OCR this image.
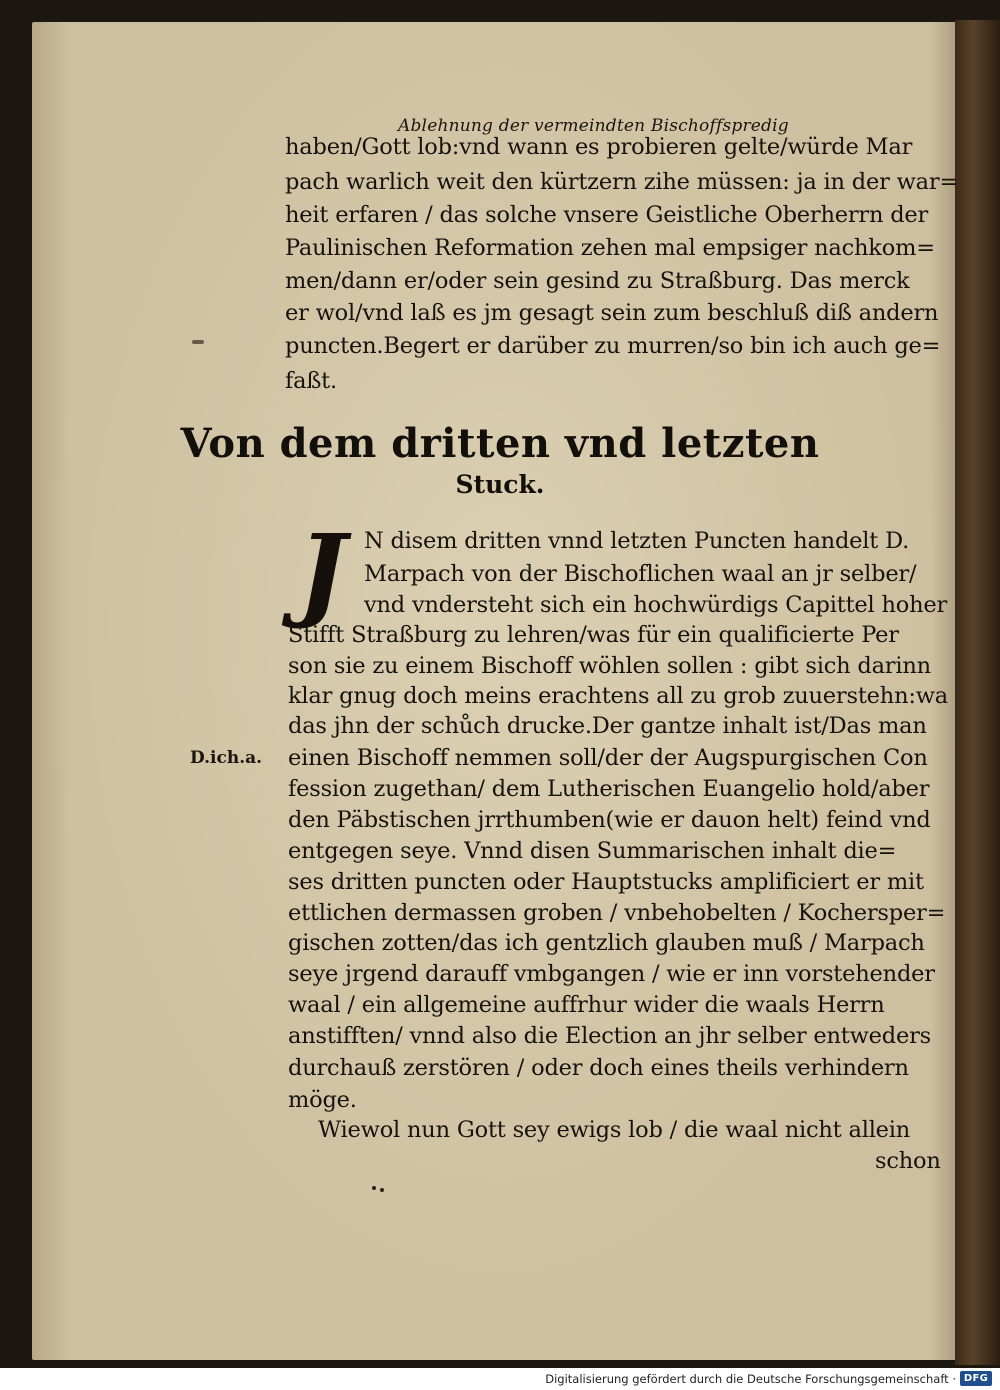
Ablehnung der vermeindten Bischoffspredig
haben/Gott lob:vnd wann es probieren gelte/würde Mar
pach warlich weit den kürtzern zihe müssen: ja in der war=
heit erfaren / das solche vnsere Geistliche Oberherrn der
Paulinischen Reformation zehen mal empsiger nachkom=
men/dann er/oder sein gesind zu Straßburg. Das merck
er wol/vnd laß es jm gesagt sein zum beschluß diß andern
puncten.Begert er darüber zu murren/so bin ich auch ge=
faßt.
Von dem dritten vnd letzten
Stuck.
J N disem dritten vnnd letzten Puncten handelt D.
Marpach von der Bischoflichen waal an jr selber/
vnd vndersteht sich ein hochwürdigs Capittel hoher
Stifft Straßburg zu lehren/was für ein qualificierte Per
son sie zu einem Bischoff wöhlen sollen : gibt sich darinn
klar gnug doch meins erachtens all zu grob zuuerstehn:wa
das jhn der schůch drucke.Der gantze inhalt ist/Das man
einen Bischoff nemmen soll/der der Augspurgischen Con
fession zugethan/ dem Lutherischen Euangelio hold/aber
den Päbstischen jrrthumben(wie er dauon helt) feind vnd
entgegen seye. Vnnd disen Summarischen inhalt die=
ses dritten puncten oder Hauptstucks amplificiert er mit
ettlichen dermassen groben / vnbehobelten / Kochersper=
gischen zotten/das ich gentzlich glauben muß / Marpach
seye jrgend darauff vmbgangen / wie er inn vorstehender
waal / ein allgemeine auffrhur wider die waals Herrn
anstifften/ vnnd also die Election an jhr selber entweders
durchauß zerstören / oder doch eines theils verhindern
möge.
Wiewol nun Gott sey ewigs lob / die waal nicht allein
schon
D.ich.a.
Digitalisierung gefördert durch die Deutsche Forschungsgemeinschaft · DFG
